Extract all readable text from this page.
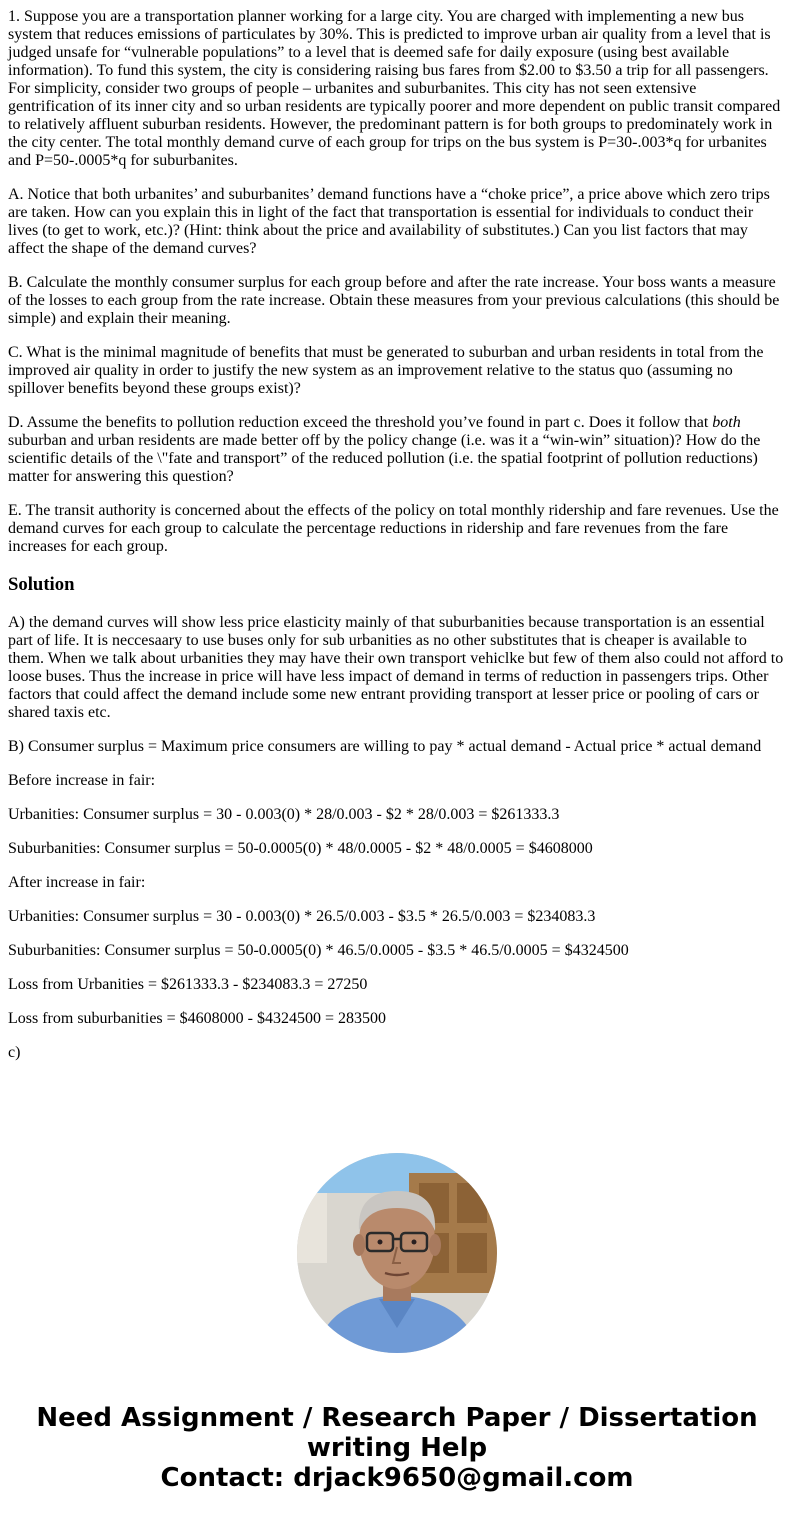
1. Suppose you are a transportation planner working for a large city. You are charged with implementing a new bus system that reduces emissions of particulates by 30%. This is predicted to improve urban air quality from a level that is judged unsafe for “vulnerable populations” to a level that is deemed safe for daily exposure (using best available information). To fund this system, the city is considering raising bus fares from $2.00 to $3.50 a trip for all passengers. For simplicity, consider two groups of people – urbanites and suburbanites. This city has not seen extensive gentrification of its inner city and so urban residents are typically poorer and more dependent on public transit compared to relatively affluent suburban residents. However, the predominant pattern is for both groups to predominately work in the city center. The total monthly demand curve of each group for trips on the bus system is P=30-.003*q for urbanites and P=50-.0005*q for suburbanites.

A. Notice that both urbanites’ and suburbanites’ demand functions have a “choke price”, a price above which zero trips are taken. How can you explain this in light of the fact that transportation is essential for individuals to conduct their lives (to get to work, etc.)? (Hint: think about the price and availability of substitutes.) Can you list factors that may affect the shape of the demand curves?

B. Calculate the monthly consumer surplus for each group before and after the rate increase. Your boss wants a measure of the losses to each group from the rate increase. Obtain these measures from your previous calculations (this should be simple) and explain their meaning.

C. What is the minimal magnitude of benefits that must be generated to suburban and urban residents in total from the improved air quality in order to justify the new system as an improvement relative to the status quo (assuming no spillover benefits beyond these groups exist)?

D. Assume the benefits to pollution reduction exceed the threshold you’ve found in part c. Does it follow that both suburban and urban residents are made better off by the policy change (i.e. was it a “win-win” situation)? How do the scientific details of the \"fate and transport” of the reduced pollution (i.e. the spatial footprint of pollution reductions) matter for answering this question?

E. The transit authority is concerned about the effects of the policy on total monthly ridership and fare revenues. Use the demand curves for each group to calculate the percentage reductions in ridership and fare revenues from the fare increases for each group.

Solution

A) the demand curves will show less price elasticity mainly of that suburbanities because transportation is an essential part of life. It is neccesaary to use buses only for sub urbanities as no other substitutes that is cheaper is available to them. When we talk about urbanities they may have their own transport vehiclke but few of them also could not afford to loose buses. Thus the increase in price will have less impact of demand in terms of reduction in passengers trips. Other factors that could affect the demand include some new entrant providing transport at lesser price or pooling of cars or shared taxis etc.

B) Consumer surplus = Maximum price consumers are willing to pay * actual demand - Actual price * actual demand

Before increase in fair:

Urbanities: Consumer surplus = 30 - 0.003(0) * 28/0.003 - $2 * 28/0.003 = $261333.3

Suburbanities: Consumer surplus = 50-0.0005(0) * 48/0.0005 - $2 * 48/0.0005 = $4608000

After increase in fair:

Urbanities: Consumer surplus = 30 - 0.003(0) * 26.5/0.003 - $3.5 * 26.5/0.003 = $234083.3

Suburbanities: Consumer surplus = 50-0.0005(0) * 46.5/0.0005 - $3.5 * 46.5/0.0005 = $4324500

Loss from Urbanities = $261333.3 - $234083.3 = 27250

Loss from suburbanities = $4608000 - $4324500 = 283500

c)

Need Assignment / Research Paper / Dissertation
writing Help
Contact: drjack9650@gmail.com
